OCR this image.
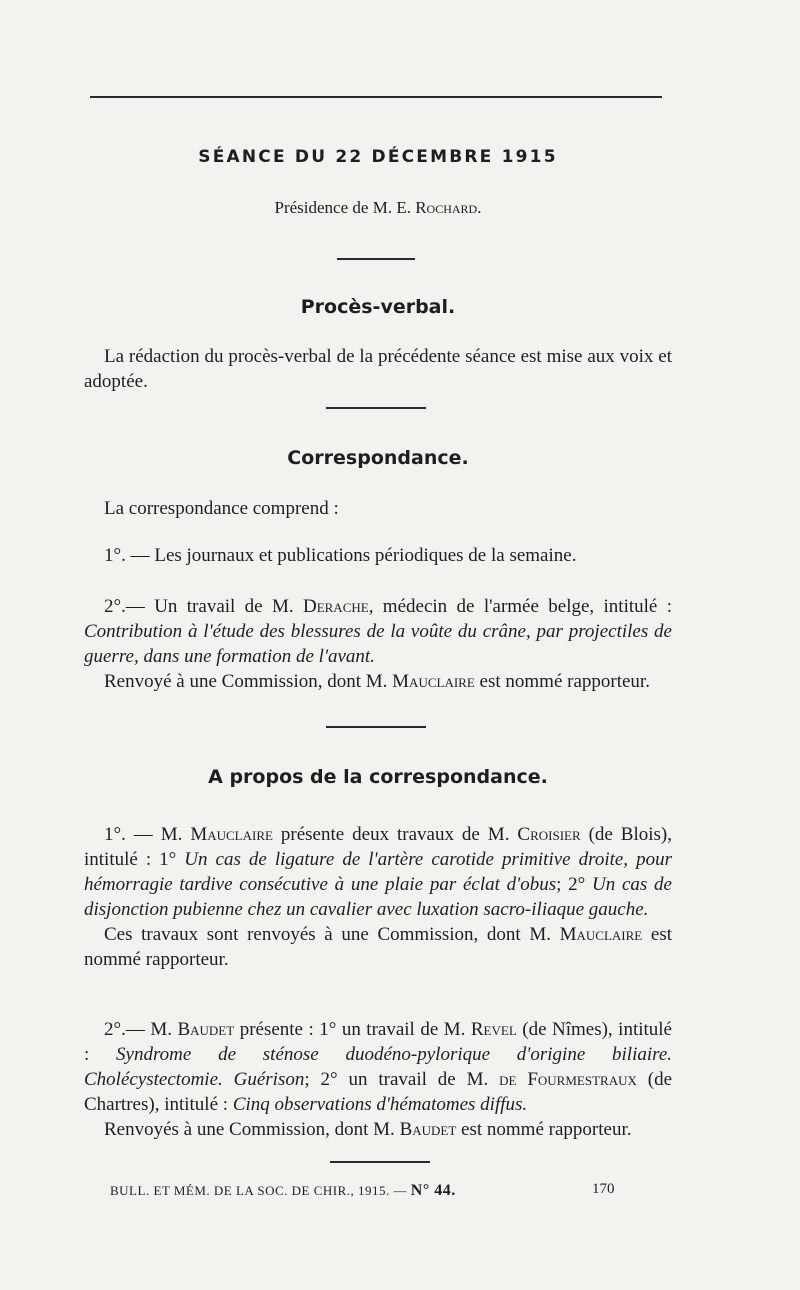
SÉANCE DU 22 DÉCEMBRE 1915
Présidence de M. E. Rochard.
Procès-verbal.

La rédaction du procès-verbal de la précédente séance est mise aux voix et adoptée.

Correspondance.

La correspondance comprend :

1°. — Les journaux et publications périodiques de la semaine.

2°.— Un travail de M. Derache, médecin de l'armée belge, intitulé : Contribution à l'étude des blessures de la voûte du crâne, par projectiles de guerre, dans une formation de l'avant.

Renvoyé à une Commission, dont M. Mauclaire est nommé rapporteur.

A propos de la correspondance.

1°. — M. Mauclaire présente deux travaux de M. Croisier (de Blois), intitulé : 1° Un cas de ligature de l'artère carotide primitive droite, pour hémorragie tardive consécutive à une plaie par éclat d'obus; 2° Un cas de disjonction pubienne chez un cavalier avec luxation sacro-iliaque gauche.

Ces travaux sont renvoyés à une Commission, dont M. Mauclaire est nommé rapporteur.

2°.— M. Baudet présente : 1° un travail de M. Revel (de Nîmes), intitulé : Syndrome de sténose duodéno-pylorique d'origine biliaire. Cholécystectomie. Guérison; 2° un travail de M. de Fourmestraux (de Chartres), intitulé : Cinq observations d'hématomes diffus.

Renvoyés à une Commission, dont M. Baudet est nommé rapporteur.

BULL. ET MÉM. DE LA SOC. DE CHIR., 1915. — N° 44.	170
